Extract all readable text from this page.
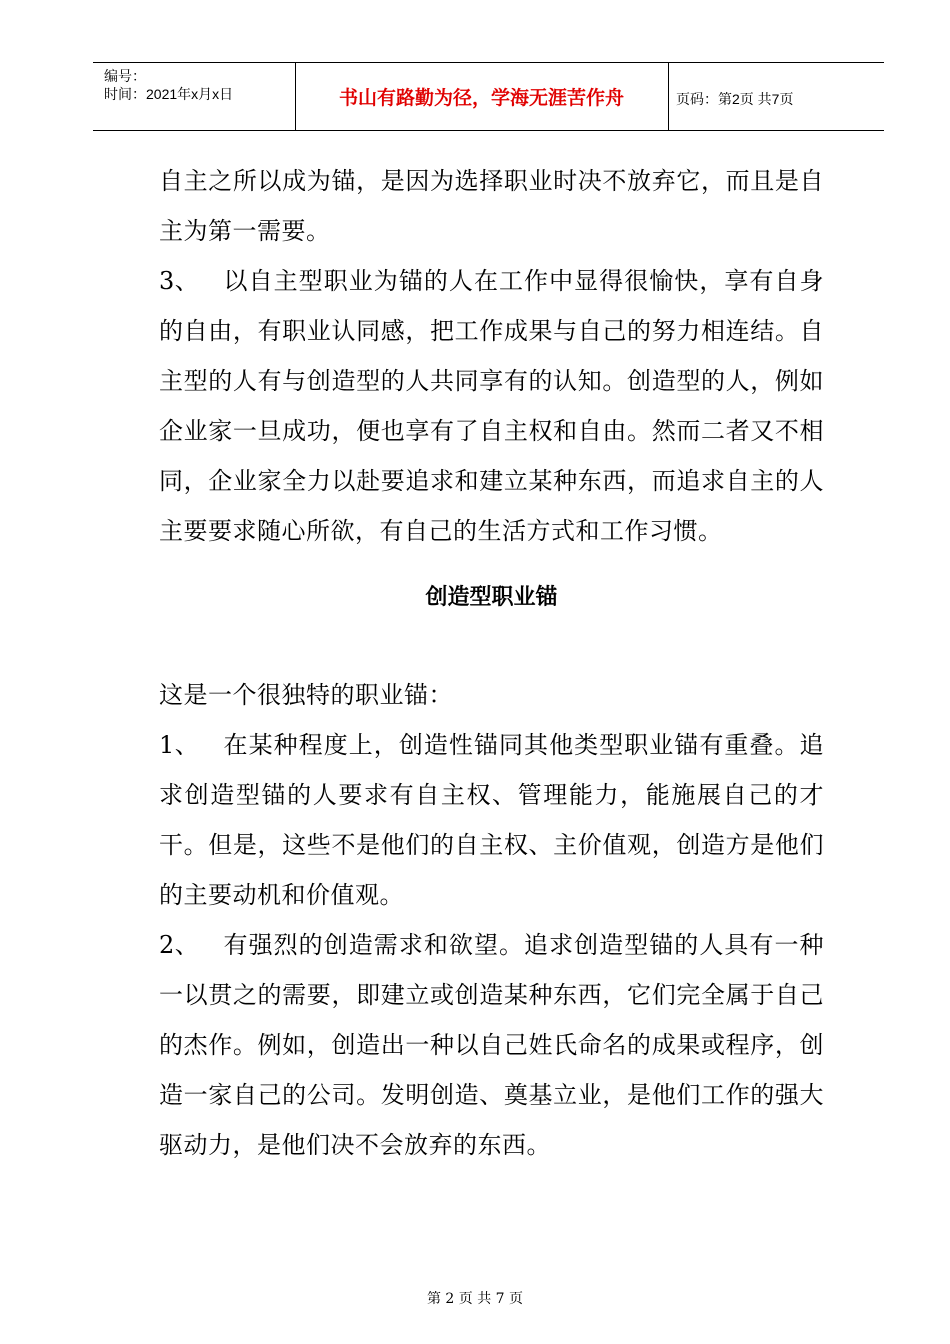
编号：
时间：2021年x月x日	书山有路勤为径，学海无涯苦作舟	页码：第2页 共7页

自主之所以成为锚，是因为选择职业时决不放弃它，而且是自主为第一需要。

3、 以自主型职业为锚的人在工作中显得很愉快，享有自身的自由，有职业认同感，把工作成果与自己的努力相连结。自主型的人有与创造型的人共同享有的认知。创造型的人，例如企业家一旦成功，便也享有了自主权和自由。然而二者又不相同，企业家全力以赴要追求和建立某种东西，而追求自主的人主要要求随心所欲，有自己的生活方式和工作习惯。

创造型职业锚

这是一个很独特的职业锚：

1、 在某种程度上，创造性锚同其他类型职业锚有重叠。追求创造型锚的人要求有自主权、管理能力，能施展自己的才干。但是，这些不是他们的自主权、主价值观，创造方是他们的主要动机和价值观。

2、 有强烈的创造需求和欲望。追求创造型锚的人具有一种一以贯之的需要，即建立或创造某种东西，它们完全属于自己的杰作。例如，创造出一种以自己姓氏命名的成果或程序，创造一家自己的公司。发明创造、奠基立业，是他们工作的强大驱动力，是他们决不会放弃的东西。

第 2 页 共 7 页
